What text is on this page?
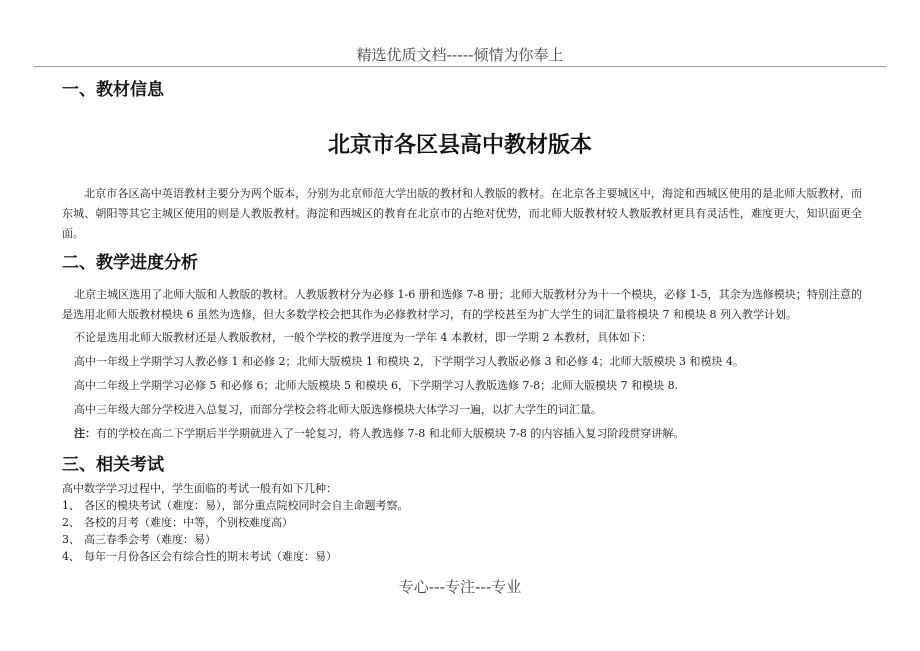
精选优质文档-----倾情为你奉上
一、教材信息
北京市各区县高中教材版本

北京市各区高中英语教材主要分为两个版本，分别为北京师范大学出版的教材和人教版的教材。在北京各主要城区中，海淀和西城区使用的是北师大版教材，而东城、朝阳等其它主城区使用的则是人教版教材。海淀和西城区的教育在北京市的占绝对优势，而北师大版教材较人教版教材更具有灵活性，难度更大，知识面更全面。

二、教学进度分析

北京主城区选用了北师大版和人教版的教材。人教版教材分为必修 1-6 册和选修 7-8 册；北师大版教材分为十一个模块，必修 1-5，其余为选修模块；特别注意的是选用北师大版教材模块 6 虽然为选修，但大多数学校会把其作为必修教材学习，有的学校甚至为扩大学生的词汇量将模块 7 和模块 8 列入教学计划。

不论是选用北师大版教材还是人教版教材，一般个学校的教学进度为一学年 4 本教材，即一学期 2 本教材，具体如下：

高中一年级上学期学习人教必修 1 和必修 2；北师大版模块 1 和模块 2，下学期学习人教版必修 3 和必修 4；北师大版模块 3 和模块 4。

高中二年级上学期学习必修 5 和必修 6；北师大版模块 5 和模块 6，下学期学习人教版选修 7-8；北师大版模块 7 和模块 8.

高中三年级大部分学校进入总复习，而部分学校会将北师大版选修模块大体学习一遍，以扩大学生的词汇量。

注：有的学校在高二下学期后半学期就进入了一轮复习，将人教选修 7-8 和北师大版模块 7-8 的内容插入复习阶段贯穿讲解。

三、相关考试
高中数学学习过程中，学生面临的考试一般有如下几种：
1、 各区的模块考试（难度：易），部分重点院校同时会自主命题考察。
2、 各校的月考（难度：中等，个别校难度高）
3、 高三春季会考（难度：易）
4、 每年一月份各区会有综合性的期末考试（难度：易）
专心---专注---专业
